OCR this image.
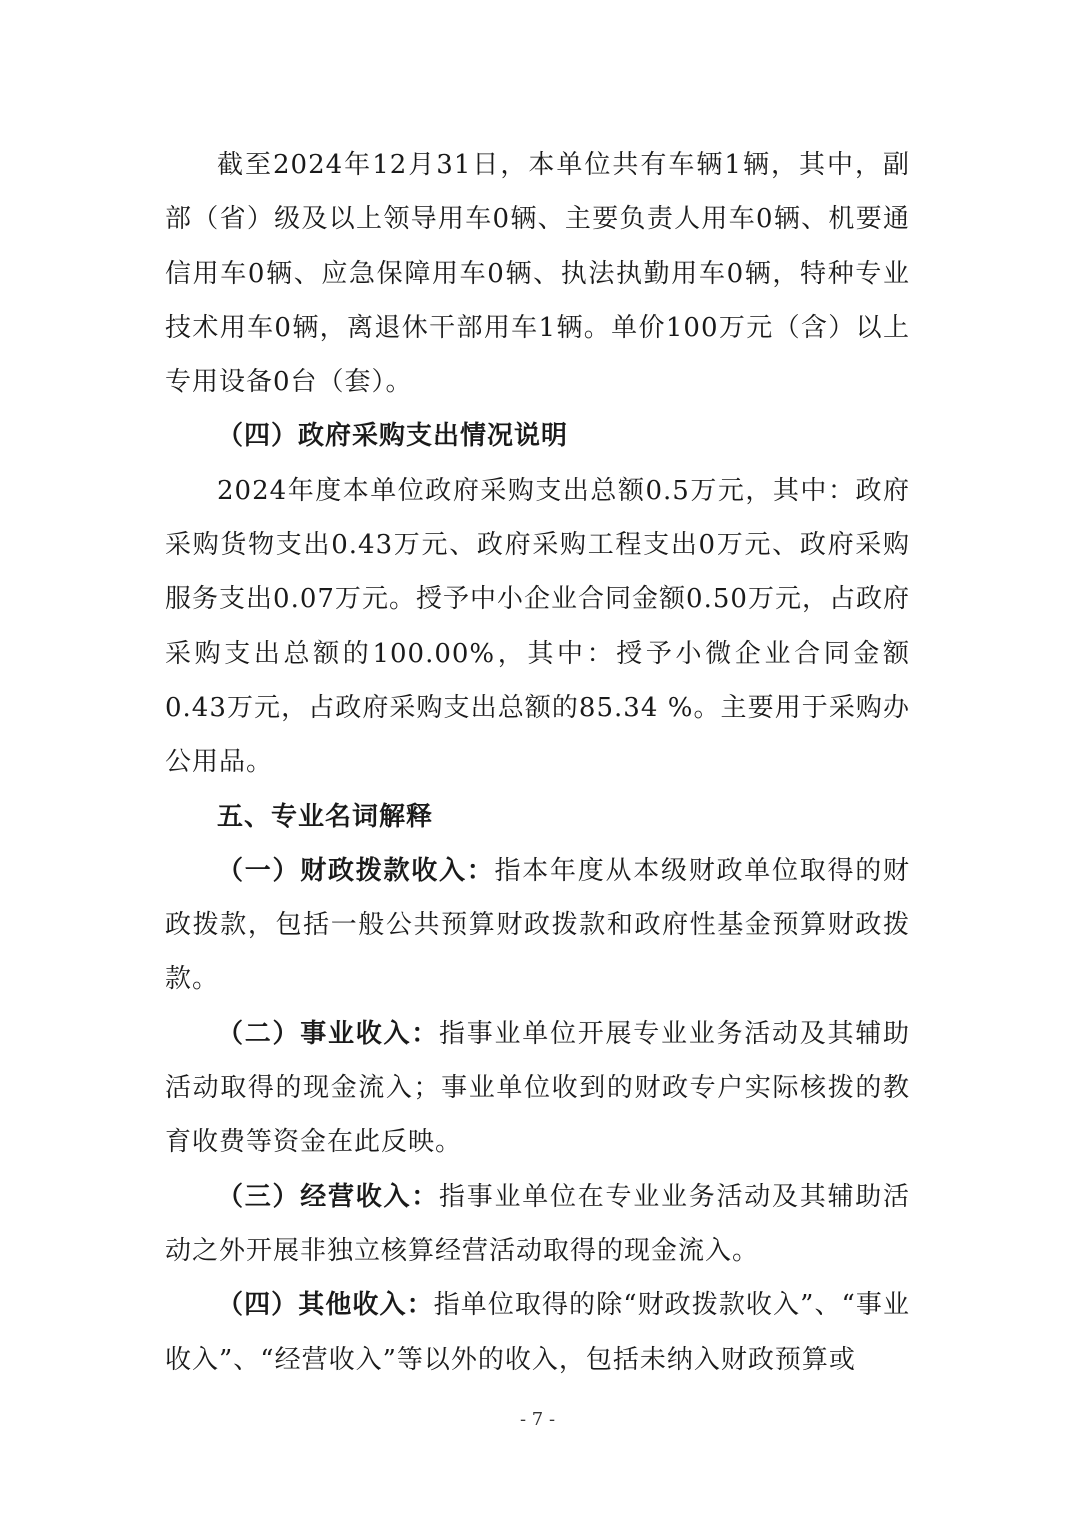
截至2024年12月31日，本单位共有车辆1辆，其中，副部（省）级及以上领导用车0辆、主要负责人用车0辆、机要通信用车0辆、应急保障用车0辆、执法执勤用车0辆，特种专业技术用车0辆，离退休干部用车1辆。单价100万元（含）以上专用设备0台（套）。

（四）政府采购支出情况说明

2024年度本单位政府采购支出总额0.5万元，其中：政府采购货物支出0.43万元、政府采购工程支出0万元、政府采购服务支出0.07万元。授予中小企业合同金额0.50万元，占政府采购支出总额的100.00%，其中：授予小微企业合同金额0.43万元，占政府采购支出总额的85.34 %。主要用于采购办公用品。

五、专业名词解释

（一）财政拨款收入：指本年度从本级财政单位取得的财政拨款，包括一般公共预算财政拨款和政府性基金预算财政拨款。

（二）事业收入：指事业单位开展专业业务活动及其辅助活动取得的现金流入；事业单位收到的财政专户实际核拨的教育收费等资金在此反映。

（三）经营收入：指事业单位在专业业务活动及其辅助活动之外开展非独立核算经营活动取得的现金流入。

（四）其他收入：指单位取得的除“财政拨款收入”、“事业收入”、“经营收入”等以外的收入，包括未纳入财政预算或

- 7 -
